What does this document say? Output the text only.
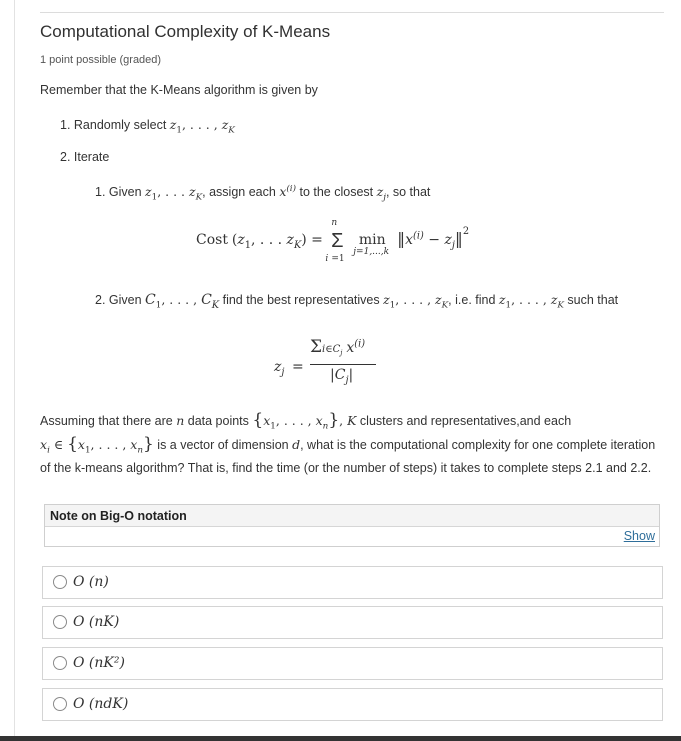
Computational Complexity of K-Means
1 point possible (graded)
Remember that the K-Means algorithm is given by
1. Randomly select $z_1$, . . . , $z_K$
2. Iterate
1. Given $z_1$, . . . $z_K$, assign each $x^{(i)}$ to the closest $z_j$, so that
Cost ($z_1$, . . . $z_K$) =
n
Σ
i =1
min
j=1,...,k
$‖x^{(i)}$ − $z_j‖^2$
2. Given $C_1$, . . . , $C_K$ find the best representatives $z_1$, . . . , $z_K$, i.e. find $z_1$, . . . , $z_K$ such that
$z_j$ =
$\Sigma i\in C_j$ $x^{(i)}$
$|C_j|$
Assuming that there are n data points {$x_1$, . . . , $x_n$}, K clusters and representatives,and each
$x_i$ ∈ {$x_1$, . . . , $x_n$} is a vector of dimension d, what is the computational complexity for one complete iteration of the k-means algorithm? That is, find the time (or the number of steps) it takes to complete steps 2.1 and 2.2.
Note on Big-O notation
Show
O (n)
O (nK)
O (nK²)
O (ndK)
